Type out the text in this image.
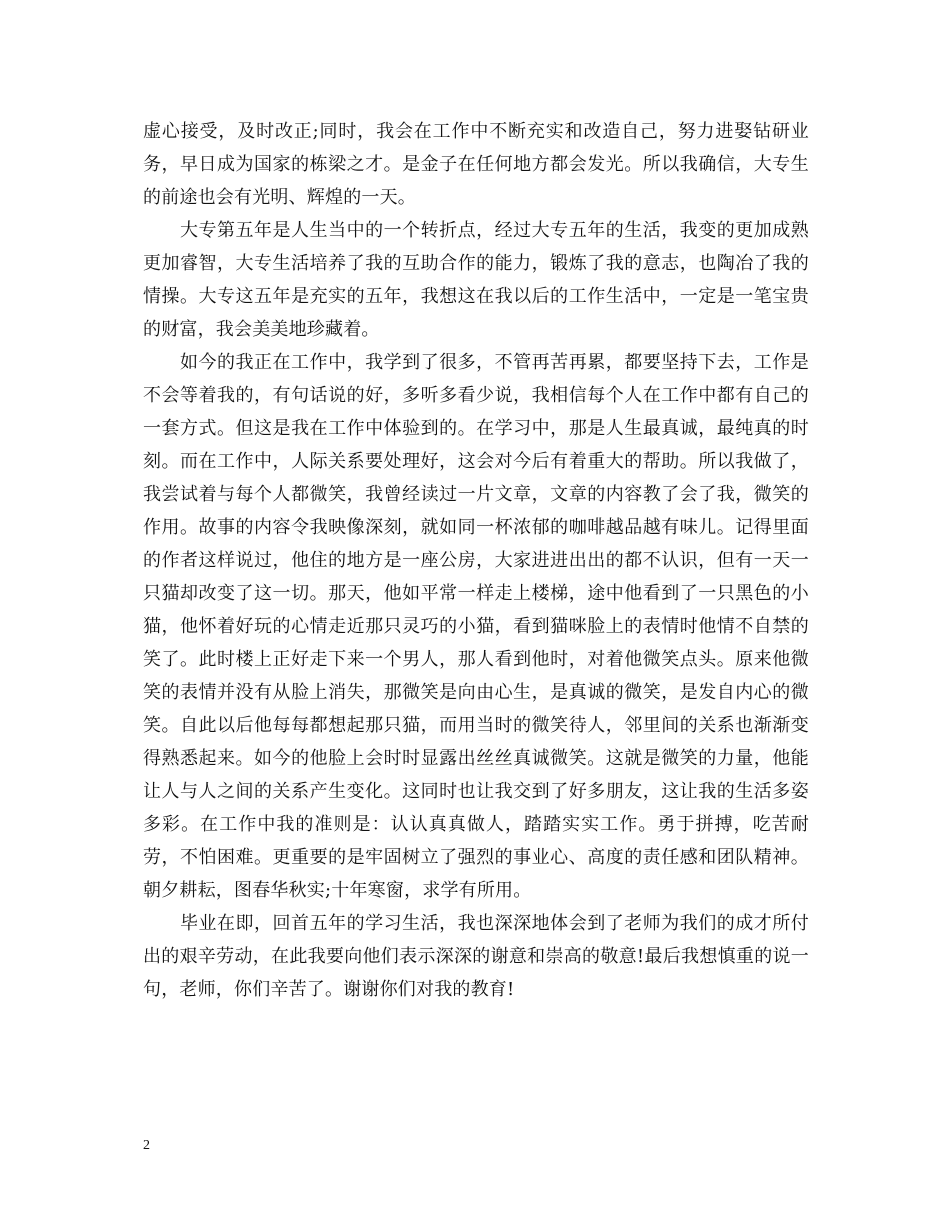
虚心接受，及时改正;同时，我会在工作中不断充实和改造自己，努力进娶钻研业务，早日成为国家的栋梁之才。是金子在任何地方都会发光。所以我确信，大专生的前途也会有光明、辉煌的一天。

大专第五年是人生当中的一个转折点，经过大专五年的生活，我变的更加成熟更加睿智，大专生活培养了我的互助合作的能力，锻炼了我的意志，也陶冶了我的情操。大专这五年是充实的五年，我想这在我以后的工作生活中，一定是一笔宝贵的财富，我会美美地珍藏着。

如今的我正在工作中，我学到了很多，不管再苦再累，都要坚持下去，工作是不会等着我的，有句话说的好，多听多看少说，我相信每个人在工作中都有自己的一套方式。但这是我在工作中体验到的。在学习中，那是人生最真诚，最纯真的时刻。而在工作中，人际关系要处理好，这会对今后有着重大的帮助。所以我做了，我尝试着与每个人都微笑，我曾经读过一片文章，文章的内容教了会了我，微笑的作用。故事的内容令我映像深刻，就如同一杯浓郁的咖啡越品越有味儿。记得里面的作者这样说过，他住的地方是一座公房，大家进进出出的都不认识，但有一天一只猫却改变了这一切。那天，他如平常一样走上楼梯，途中他看到了一只黑色的小猫，他怀着好玩的心情走近那只灵巧的小猫，看到猫咪脸上的表情时他情不自禁的笑了。此时楼上正好走下来一个男人，那人看到他时，对着他微笑点头。原来他微笑的表情并没有从脸上消失，那微笑是向由心生，是真诚的微笑，是发自内心的微笑。自此以后他每每都想起那只猫，而用当时的微笑待人，邻里间的关系也渐渐变得熟悉起来。如今的他脸上会时时显露出丝丝真诚微笑。这就是微笑的力量，他能让人与人之间的关系产生变化。这同时也让我交到了好多朋友，这让我的生活多姿多彩。在工作中我的准则是：认认真真做人，踏踏实实工作。勇于拼搏，吃苦耐劳，不怕困难。更重要的是牢固树立了强烈的事业心、高度的责任感和团队精神。朝夕耕耘，图春华秋实;十年寒窗，求学有所用。

毕业在即，回首五年的学习生活，我也深深地体会到了老师为我们的成才所付出的艰辛劳动，在此我要向他们表示深深的谢意和崇高的敬意!最后我想慎重的说一句，老师，你们辛苦了。谢谢你们对我的教育!

2
